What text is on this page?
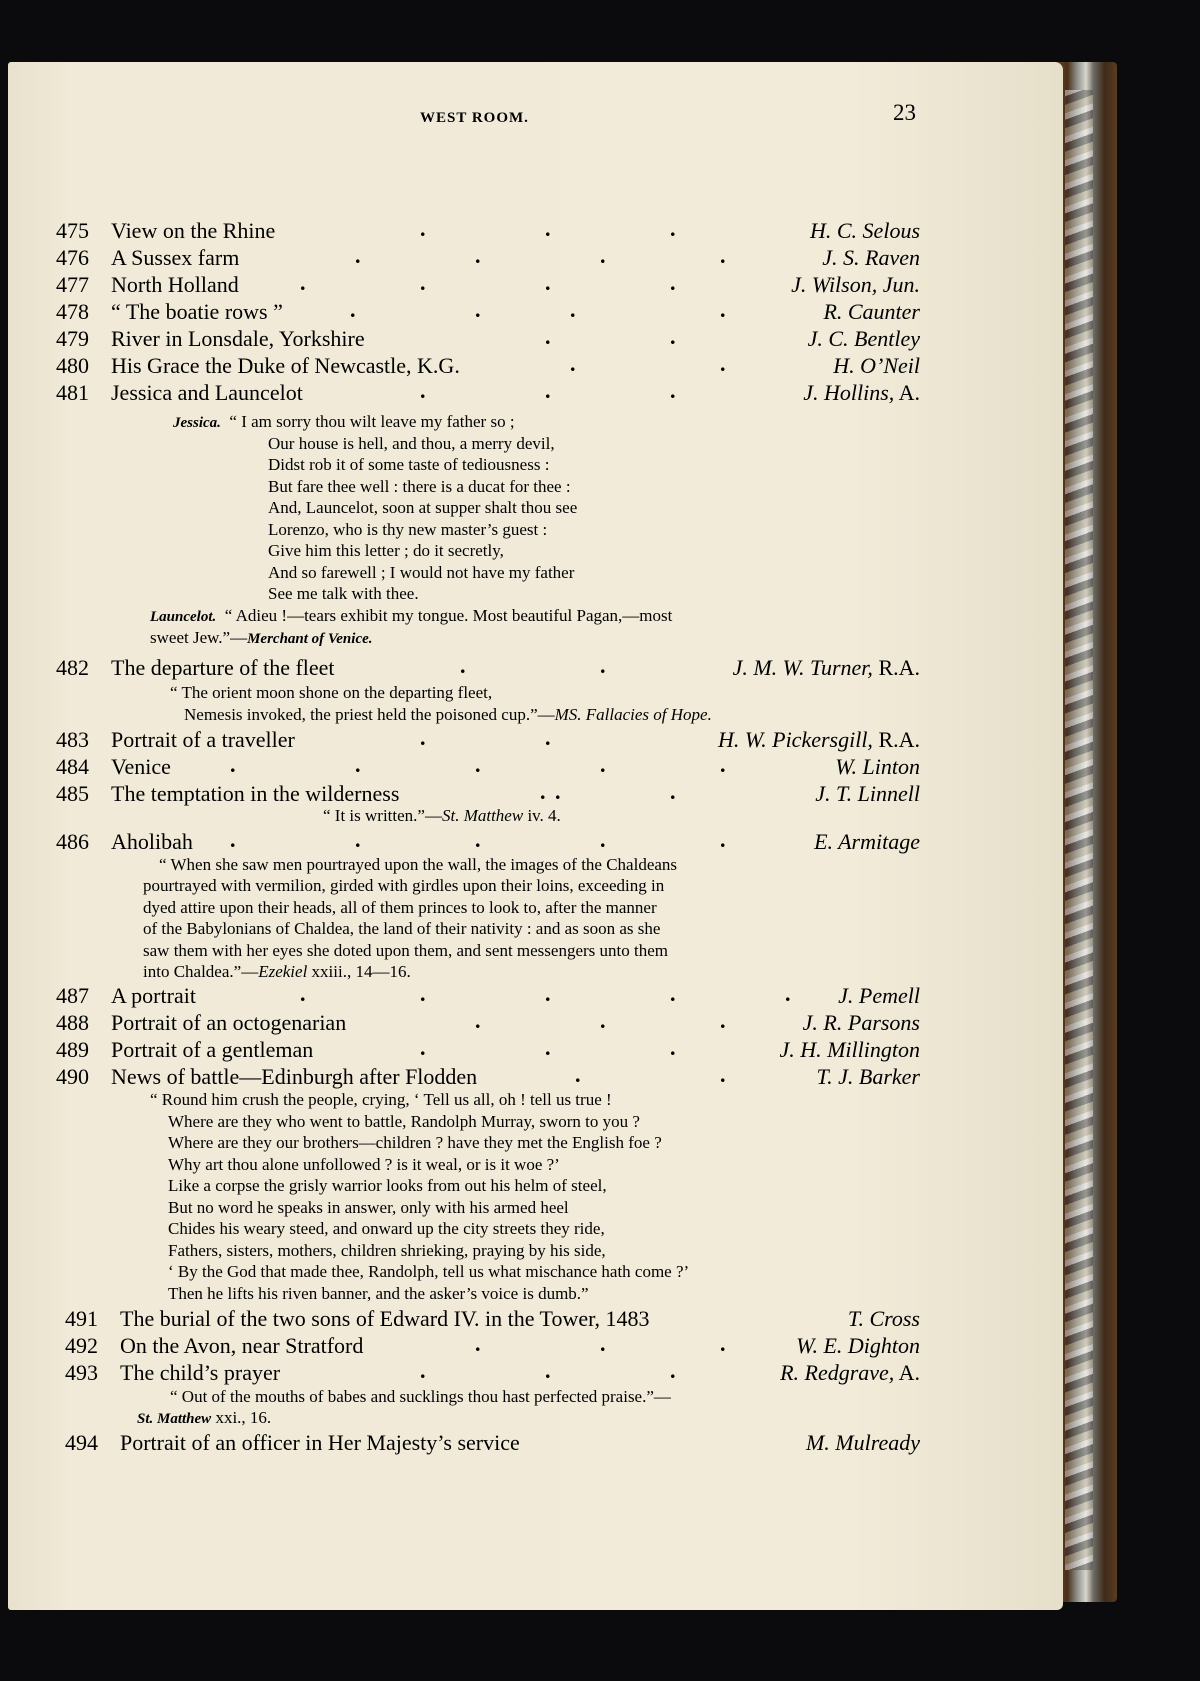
WEST ROOM.	23
475 View on the Rhine	H. C. Selous
.	.	.
476 A Sussex farm	J. S. Raven
.	.	.	.
477 North Holland	J. Wilson, Jun.
.	.	.	.
478 “ The boatie rows ”	R. Caunter
.	.	.	.
479 River in Lonsdale, Yorkshire	J. C. Bentley
.	.
480 His Grace the Duke of Newcastle, K.G.	H. O’Neil
.	.
481 Jessica and Launcelot	J. Hollins, A.
.	.	.
482 The departure of the fleet	J. M. W. Turner, R.A.
.	.
483 Portrait of a traveller	H. W. Pickersgill, R.A.
.	.
484 Venice	W. Linton
.	.	.	.	.
485 The temptation in the wilderness	J. T. Linnell
. .	.
486 Aholibah	E. Armitage
.	.	.	.	.
487 A portrait	J. Pemell
.	.	.	.	.
488 Portrait of an octogenarian	J. R. Parsons
.	.	.
489 Portrait of a gentleman	J. H. Millington
.	.	.
490 News of battle—Edinburgh after Flodden	T. J. Barker
.	.
491 The burial of the two sons of Edward IV. in the Tower, 1483	T. Cross
492 On the Avon, near Stratford	W. E. Dighton
.	.	.
493 The child’s prayer	R. Redgrave, A.
.	.	.
494 Portrait of an officer in Her Majesty’s service	M. Mulready
Jessica. “ I am sorry thou wilt leave my father so ;
Our house is hell, and thou, a merry devil,
Didst rob it of some taste of tediousness :
But fare thee well : there is a ducat for thee :
And, Launcelot, soon at supper shalt thou see
Lorenzo, who is thy new master’s guest :
Give him this letter ; do it secretly,
And so farewell ; I would not have my father
See me talk with thee.
Launcelot. “ Adieu !—tears exhibit my tongue. Most beautiful Pagan,—most
sweet Jew.”—Merchant of Venice.
“ The orient moon shone on the departing fleet,
Nemesis invoked, the priest held the poisoned cup.”—MS. Fallacies of Hope.
“ It is written.”—St. Matthew iv. 4.
“ When she saw men pourtrayed upon the wall, the images of the Chaldeans
pourtrayed with vermilion, girded with girdles upon their loins, exceeding in
dyed attire upon their heads, all of them princes to look to, after the manner
of the Babylonians of Chaldea, the land of their nativity : and as soon as she
saw them with her eyes she doted upon them, and sent messengers unto them
into Chaldea.”—Ezekiel xxiii., 14—16.
“ Round him crush the people, crying, ‘ Tell us all, oh ! tell us true !
Where are they who went to battle, Randolph Murray, sworn to you ?
Where are they our brothers—children ? have they met the English foe ?
Why art thou alone unfollowed ? is it weal, or is it woe ?’
Like a corpse the grisly warrior looks from out his helm of steel,
But no word he speaks in answer, only with his armed heel
Chides his weary steed, and onward up the city streets they ride,
Fathers, sisters, mothers, children shrieking, praying by his side,
‘ By the God that made thee, Randolph, tell us what mischance hath come ?’
Then he lifts his riven banner, and the asker’s voice is dumb.”
“ Out of the mouths of babes and sucklings thou hast perfected praise.”—
St. Matthew xxi., 16.
